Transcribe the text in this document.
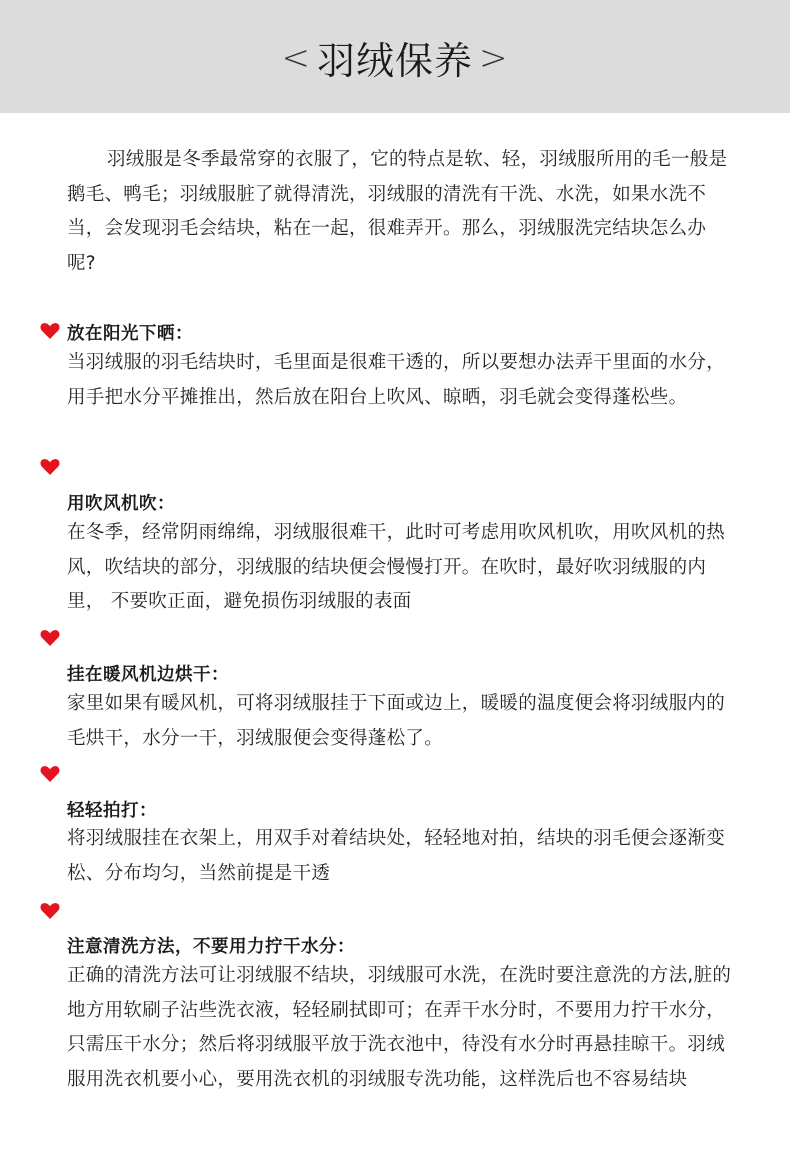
< 羽绒保养 >

羽绒服是冬季最常穿的衣服了，它的特点是软、轻，羽绒服所用的毛一般是鹅毛、鸭毛；羽绒服脏了就得清洗，羽绒服的清洗有干洗、水洗，如果水洗不当，会发现羽毛会结块，粘在一起，很难弄开。那么，羽绒服洗完结块怎么办呢?

放在阳光下晒：

当羽绒服的羽毛结块时，毛里面是很难干透的，所以要想办法弄干里面的水分，用手把水分平摊推出，然后放在阳台上吹风、晾晒，羽毛就会变得蓬松些。

用吹风机吹：

在冬季，经常阴雨绵绵，羽绒服很难干，此时可考虑用吹风机吹，用吹风机的热风，吹结块的部分，羽绒服的结块便会慢慢打开。在吹时，最好吹羽绒服的内里， 不要吹正面，避免损伤羽绒服的表面

挂在暖风机边烘干：

家里如果有暖风机，可将羽绒服挂于下面或边上，暖暖的温度便会将羽绒服内的毛烘干，水分一干，羽绒服便会变得蓬松了。

轻轻拍打：

将羽绒服挂在衣架上，用双手对着结块处，轻轻地对拍，结块的羽毛便会逐渐变松、分布均匀，当然前提是干透

注意清洗方法，不要用力拧干水分：

正确的清洗方法可让羽绒服不结块，羽绒服可水洗，在洗时要注意洗的方法,脏的地方用软刷子沾些洗衣液，轻轻刷拭即可；在弄干水分时，不要用力拧干水分，只需压干水分；然后将羽绒服平放于洗衣池中，待没有水分时再悬挂晾干。羽绒服用洗衣机要小心，要用洗衣机的羽绒服专洗功能，这样洗后也不容易结块
